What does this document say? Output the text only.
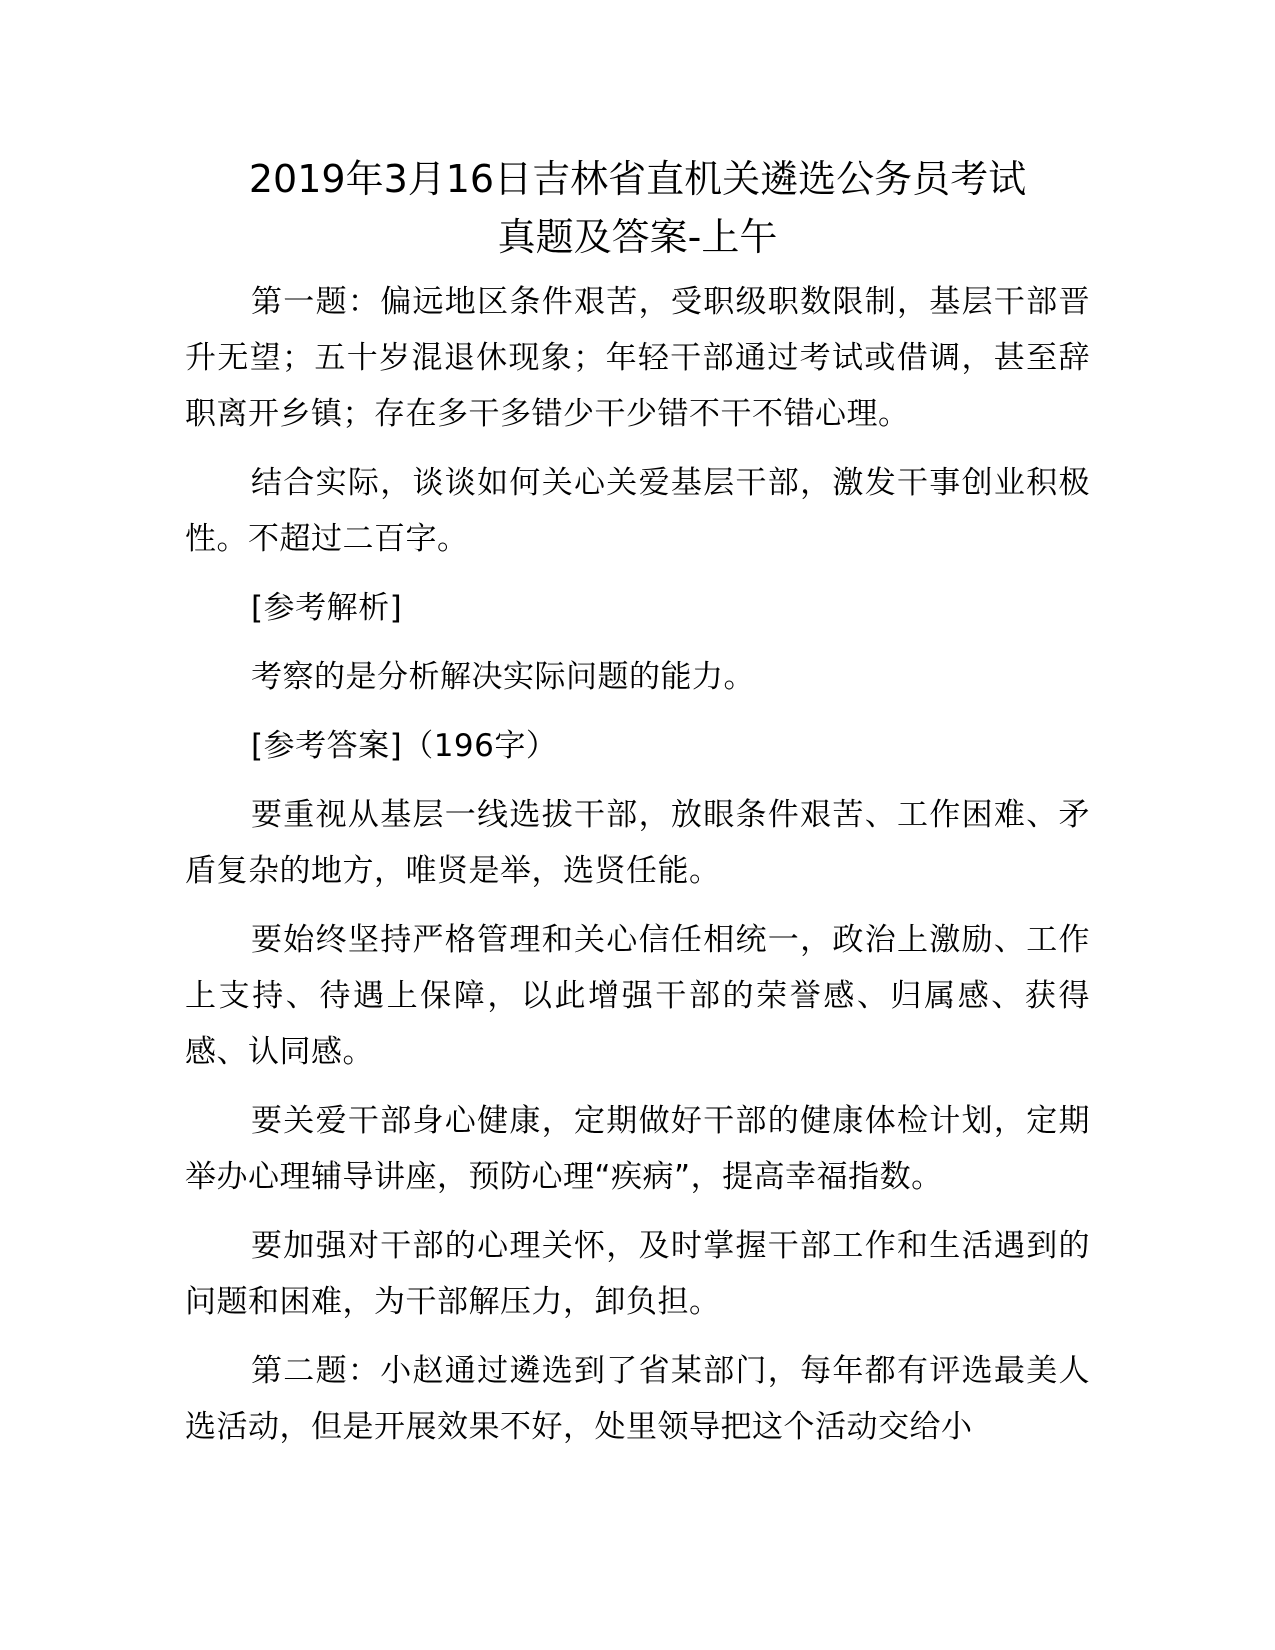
2019年3月16日吉林省直机关遴选公务员考试
真题及答案-上午

第一题：偏远地区条件艰苦，受职级职数限制，基层干部晋升无望；五十岁混退休现象；年轻干部通过考试或借调，甚至辞职离开乡镇；存在多干多错少干少错不干不错心理。

结合实际，谈谈如何关心关爱基层干部，激发干事创业积极性。不超过二百字。

[参考解析]

考察的是分析解决实际问题的能力。

[参考答案]（196字）

要重视从基层一线选拔干部，放眼条件艰苦、工作困难、矛盾复杂的地方，唯贤是举，选贤任能。

要始终坚持严格管理和关心信任相统一，政治上激励、工作上支持、待遇上保障，以此增强干部的荣誉感、归属感、获得感、认同感。

要关爱干部身心健康，定期做好干部的健康体检计划，定期举办心理辅导讲座，预防心理“疾病”，提高幸福指数。

要加强对干部的心理关怀，及时掌握干部工作和生活遇到的问题和困难，为干部解压力，卸负担。

第二题：小赵通过遴选到了省某部门，每年都有评选最美人选活动，但是开展效果不好，处里领导把这个活动交给小
